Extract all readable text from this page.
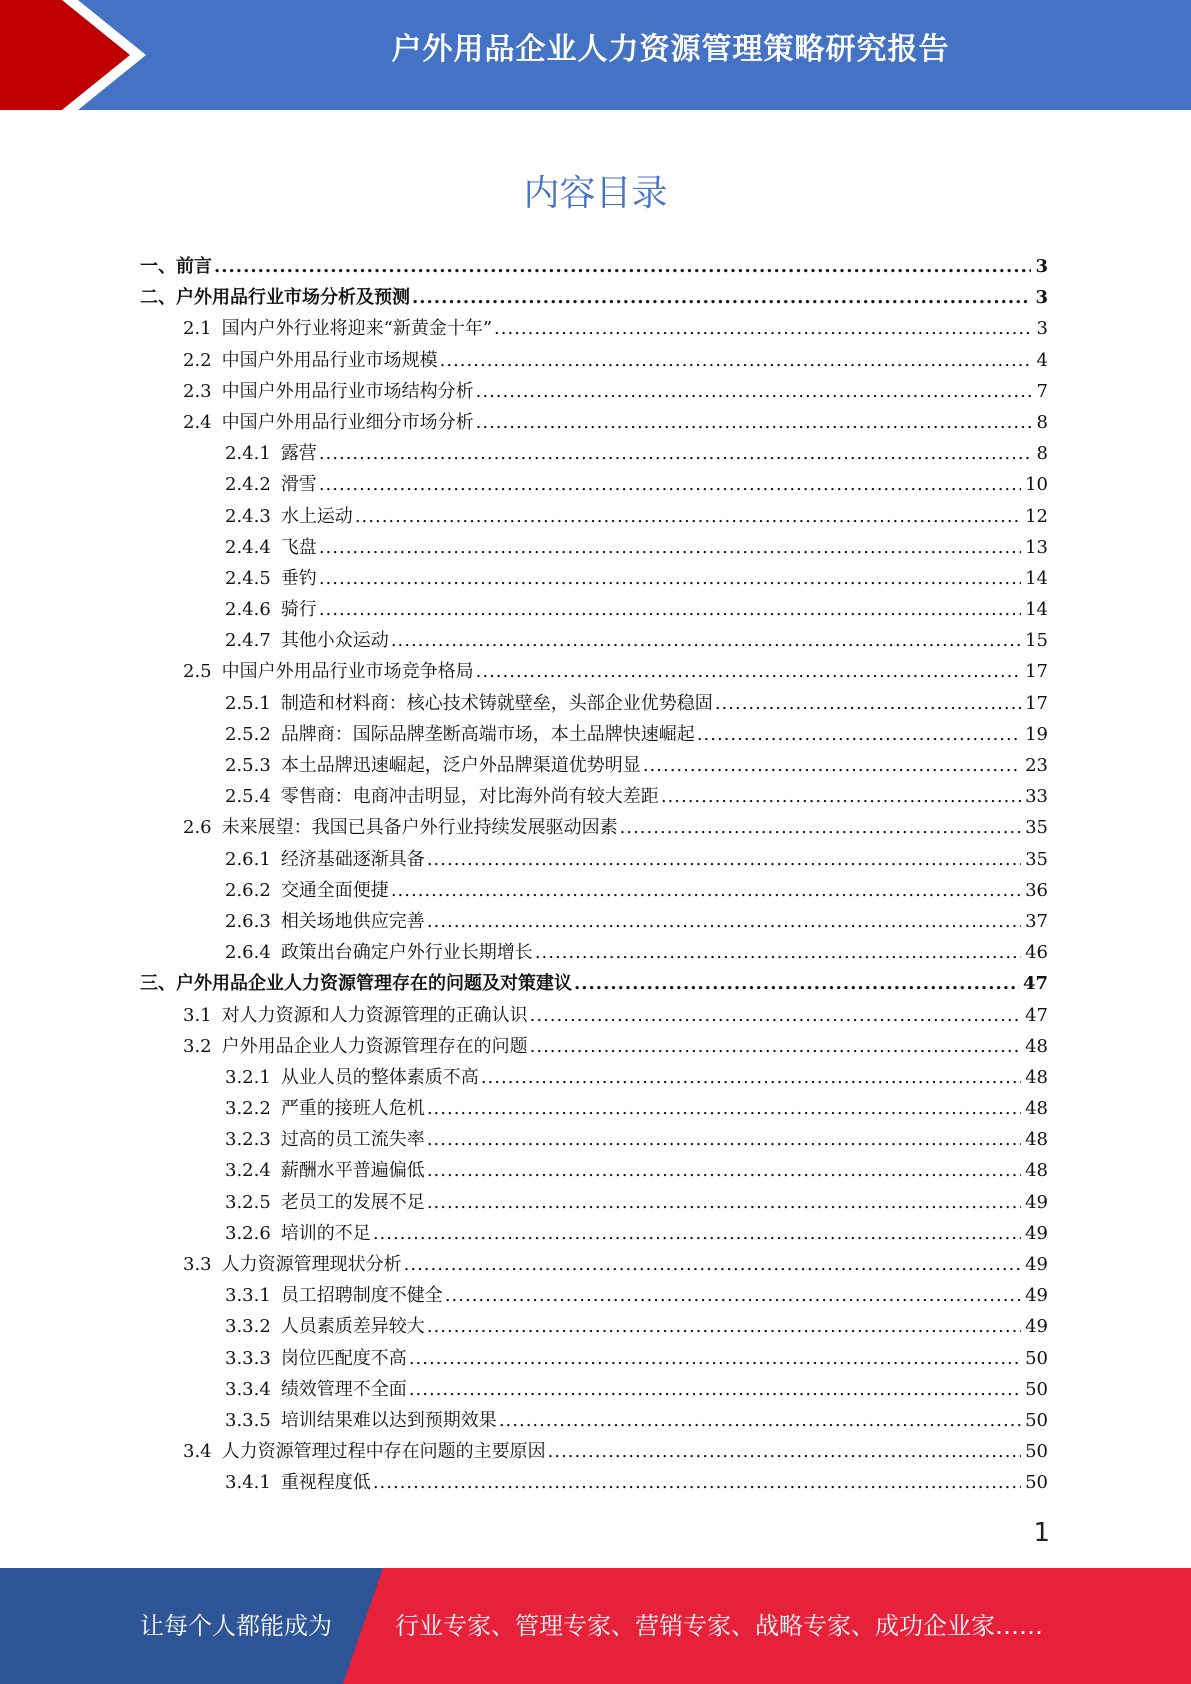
户外用品企业人力资源管理策略研究报告
内容目录
一、 前言 .....	3
二、 户外用品行业市场分析及预测 .....	3
2.1 国内户外行业将迎来“新黄金十年” .....	3
2.2 中国户外用品行业市场规模 .....	4
2.3 中国户外用品行业市场结构分析 .....	7
2.4 中国户外用品行业细分市场分析 .....	8
2.4.1 露营 .....	8
2.4.2 滑雪 .....	10
2.4.3 水上运动 .....	12
2.4.4 飞盘 .....	13
2.4.5 垂钓 .....	14
2.4.6 骑行 .....	14
2.4.7 其他小众运动 .....	15
2.5 中国户外用品行业市场竞争格局 .....	17
2.5.1 制造和材料商：核心技术铸就壁垒，头部企业优势稳固 .....	17
2.5.2 品牌商：国际品牌垄断高端市场，本土品牌快速崛起 .....	19
2.5.3 本土品牌迅速崛起，泛户外品牌渠道优势明显 .....	23
2.5.4 零售商：电商冲击明显，对比海外尚有较大差距 .....	33
2.6 未来展望：我国已具备户外行业持续发展驱动因素 .....	35
2.6.1 经济基础逐渐具备 .....	35
2.6.2 交通全面便捷 .....	36
2.6.3 相关场地供应完善 .....	37
2.6.4 政策出台确定户外行业长期增长 .....	46
三、 户外用品企业人力资源管理存在的问题及对策建议 .....	47
3.1 对人力资源和人力资源管理的正确认识 .....	47
3.2 户外用品企业人力资源管理存在的问题 .....	48
3.2.1 从业人员的整体素质不高 .....	48
3.2.2 严重的接班人危机 .....	48
3.2.3 过高的员工流失率 .....	48
3.2.4 薪酬水平普遍偏低 .....	48
3.2.5 老员工的发展不足 .....	49
3.2.6 培训的不足 .....	49
3.3 人力资源管理现状分析 .....	49
3.3.1 员工招聘制度不健全 .....	49
3.3.2 人员素质差异较大 .....	49
3.3.3 岗位匹配度不高 .....	50
3.3.4 绩效管理不全面 .....	50
3.3.5 培训结果难以达到预期效果 .....	50
3.4 人力资源管理过程中存在问题的主要原因 .....	50
3.4.1 重视程度低 .....	50
1
让每个人都能成为	行业专家、管理专家、营销专家、战略专家、成功企业家……
